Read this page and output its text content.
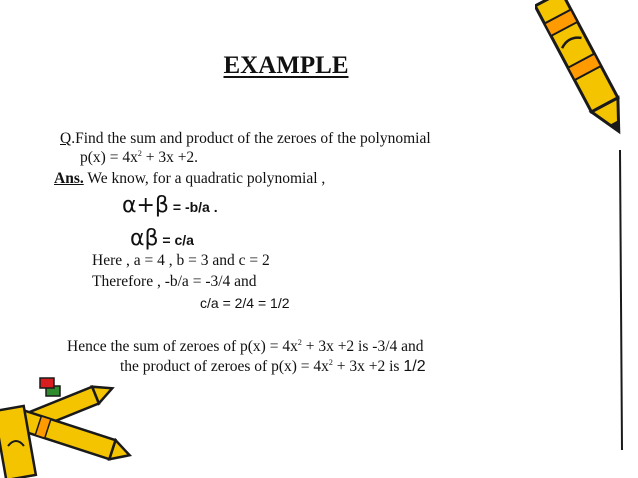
EXAMPLE
Q.Find the sum and product of the zeroes of the polynomial
$p(x) = 4x^2 + 3x +2$.
Ans. We know, for a quadratic polynomial ,
α+β = -b/a .
αβ = c/a
Here , a = 4 , b = 3 and c = 2
Therefore , -b/a = -3/4 and
c/a = 2/4 = 1/2
Hence the sum of zeroes of $p(x) = 4x^2 + 3x +2$ is -3/4 and
the product of zeroes of $p(x) = 4x^2 + 3x +2$ is 1/2
